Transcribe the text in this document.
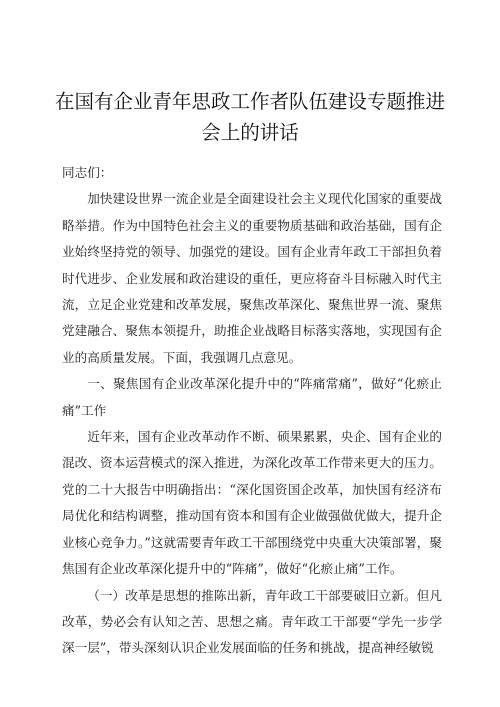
在国有企业青年思政工作者队伍建设专题推进
会上的讲话

同志们：

加快建设世界一流企业是全面建设社会主义现代化国家的重要战略举措。作为中国特色社会主义的重要物质基础和政治基础，国有企业始终坚持党的领导、加强党的建设。国有企业青年政工干部担负着时代进步、企业发展和政治建设的重任，更应将奋斗目标融入时代主流，立足企业党建和改革发展，聚焦改革深化、聚焦世界一流、聚焦党建融合、聚焦本领提升，助推企业战略目标落实落地，实现国有企业的高质量发展。下面，我强调几点意见。

一、聚焦国有企业改革深化提升中的“阵痛常痛”，做好“化瘀止痛”工作

近年来，国有企业改革动作不断、硕果累累，央企、国有企业的混改、资本运营模式的深入推进，为深化改革工作带来更大的压力。党的二十大报告中明确指出：“深化国资国企改革，加快国有经济布局优化和结构调整，推动国有资本和国有企业做强做优做大，提升企业核心竞争力。”这就需要青年政工干部围绕党中央重大决策部署，聚焦国有企业改革深化提升中的“阵痛”，做好“化瘀止痛”工作。

（一）改革是思想的推陈出新，青年政工干部要破旧立新。但凡改革，势必会有认知之苦、思想之痛。青年政工干部要“学先一步学深一层”，带头深刻认识企业发展面临的任务和挑战，提高神经敏锐
